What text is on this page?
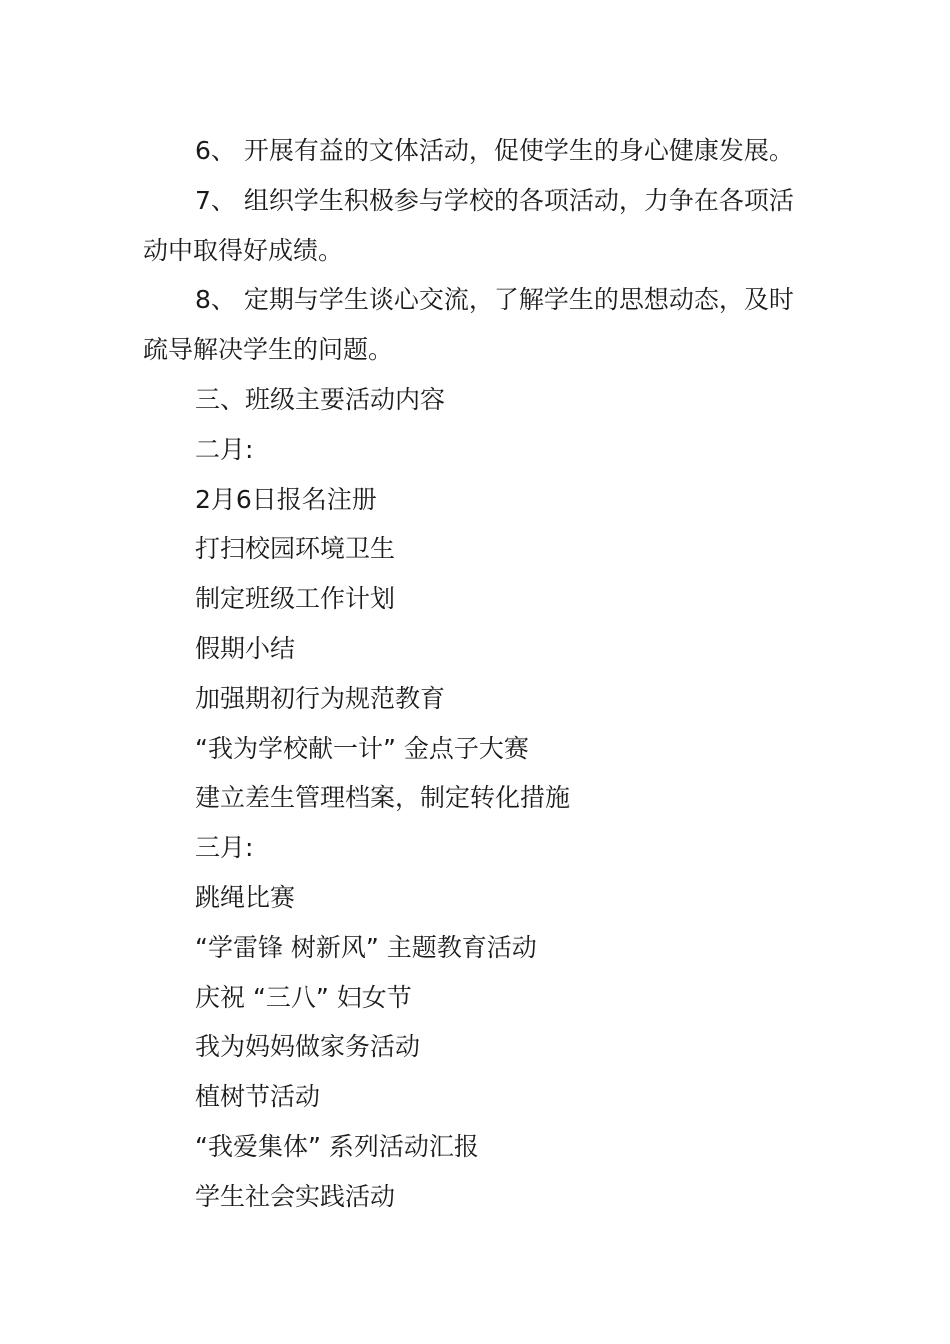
6、 开展有益的文体活动，促使学生的身心健康发展。

7、 组织学生积极参与学校的各项活动，力争在各项活动中取得好成绩。

8、 定期与学生谈心交流，了解学生的思想动态，及时疏导解决学生的问题。

三、班级主要活动内容

二月:

2月6日报名注册

打扫校园环境卫生

制定班级工作计划

假期小结

加强期初行为规范教育

“我为学校献一计” 金点子大赛

建立差生管理档案，制定转化措施

三月:

跳绳比赛

“学雷锋 树新风” 主题教育活动

庆祝 “三八” 妇女节

我为妈妈做家务活动

植树节活动

“我爱集体” 系列活动汇报

学生社会实践活动
